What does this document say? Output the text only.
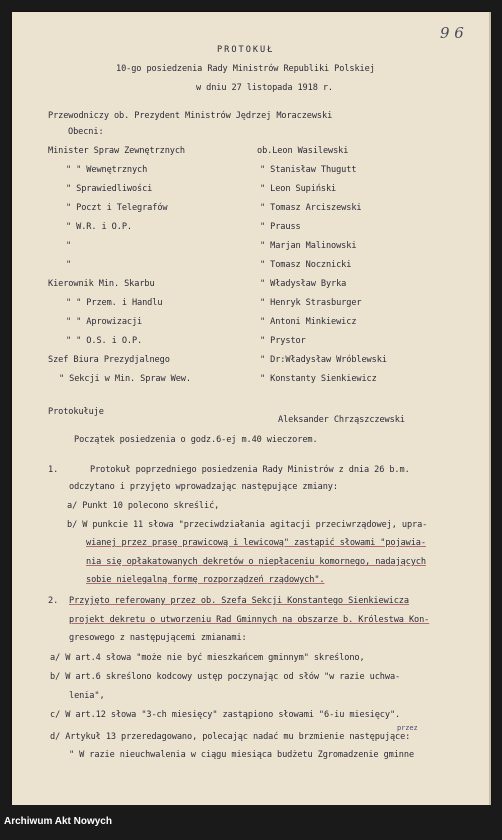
9 6
PROTOKUŁ
10-go posiedzenia Rady Ministrów Republiki Polskiej
w dniu 27 listopada 1918 r.
Przewodniczy ob. Prezydent Ministrów Jędrzej Moraczewski
Obecni:
Minister Spraw Zewnętrznych	ob.Leon Wasilewski
" " Wewnętrznych	" Stanisław Thugutt
" Sprawiedliwości	" Leon Supiński
" Poczt i Telegrafów	" Tomasz Arciszewski
" W.R. i O.P.	" Prauss
"	" Marjan Malinowski
"	" Tomasz Nocznicki
Kierownik Min. Skarbu	" Władysław Byrka
" " Przem. i Handlu	" Henryk Strasburger
" " Aprowizacji	" Antoni Minkiewicz
" " O.S. i O.P.	" Prystor
Szef Biura Prezydjalnego	" Dr:Władysław Wróblewski
" Sekcji w Min. Spraw Wew.	" Konstanty Sienkiewicz
Protokułuje
Aleksander Chrząszczewski
Początek posiedzenia o godz.6-ej m.40 wieczorem.
1.	Protokuł poprzedniego posiedzenia Rady Ministrów z dnia 26 b.m.
odczytano i przyjęto wprowadzając następujące zmiany:
a/ Punkt 10 polecono skreślić,
b/ W punkcie 11 słowa "przeciwdziałania agitacji przeciwrządowej, upra-
wianej przez prasę prawicową i lewicową" zastąpić słowami "pojawia-
nia się opłakatowanych dekretów o niepłaceniu komornego, nadających
sobie nielegalną formę rozporządzeń rządowych".
2. Przyjęto referowany przez ob. Szefa Sekcji Konstantego Sienkiewicza
projekt dekretu o utworzeniu Rad Gminnych na obszarze b. Królestwa Kon-
gresowego z następującemi zmianami:
a/ W art.4 słowa "może nie być mieszkańcem gminnym" skreślono,
b/ W art.6 skreślono kodcowy ustęp poczynając od słów "w razie uchwa-
lenia",
c/ W art.12 słowa "3-ch miesięcy" zastąpiono słowami "6-iu miesięcy".
przez
d/ Artykuł 13 przeredagowano, polecając nadać mu brzmienie następujące:
" W razie nieuchwalenia w ciągu miesiąca budżetu Zgromadzenie gminne
Archiwum Akt Nowych
